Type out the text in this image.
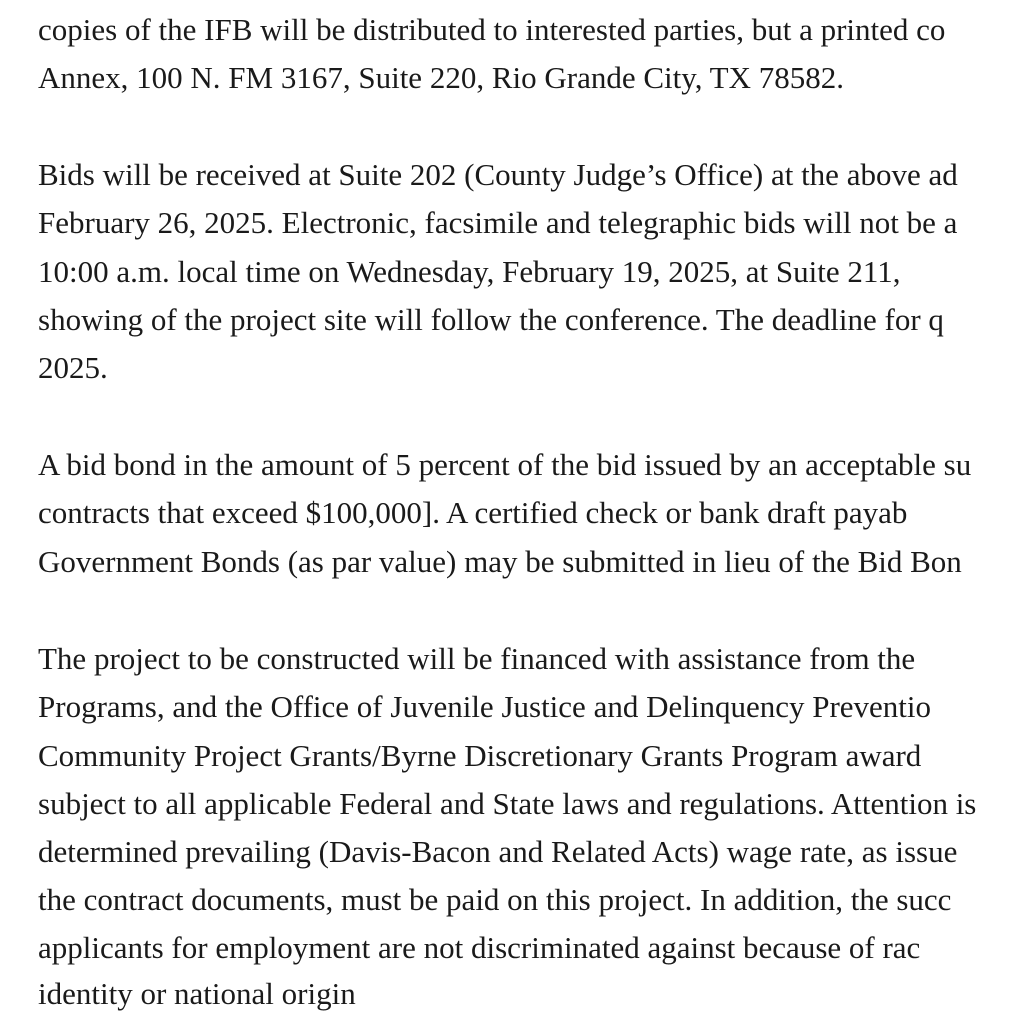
copies of the IFB will be distributed to interested parties, but a printed co
Annex, 100 N. FM 3167, Suite 220, Rio Grande City, TX 78582.
Bids will be received at Suite 202 (County Judge’s Office) at the above ad
February 26, 2025. Electronic, facsimile and telegraphic bids will not be a
10:00 a.m. local time on Wednesday, February 19, 2025, at Suite 211,
showing of the project site will follow the conference. The deadline for q
2025.
A bid bond in the amount of 5 percent of the bid issued by an acceptable su
contracts that exceed $100,000]. A certified check or bank draft payab
Government Bonds (as par value) may be submitted in lieu of the Bid Bon
The project to be constructed will be financed with assistance from the
Programs, and the Office of Juvenile Justice and Delinquency Preventio
Community Project Grants/Byrne Discretionary Grants Program award
subject to all applicable Federal and State laws and regulations. Attention is
determined prevailing (Davis-Bacon and Related Acts) wage rate, as issue
the contract documents, must be paid on this project. In addition, the succ
applicants for employment are not discriminated against because of rac
identity or national origin
